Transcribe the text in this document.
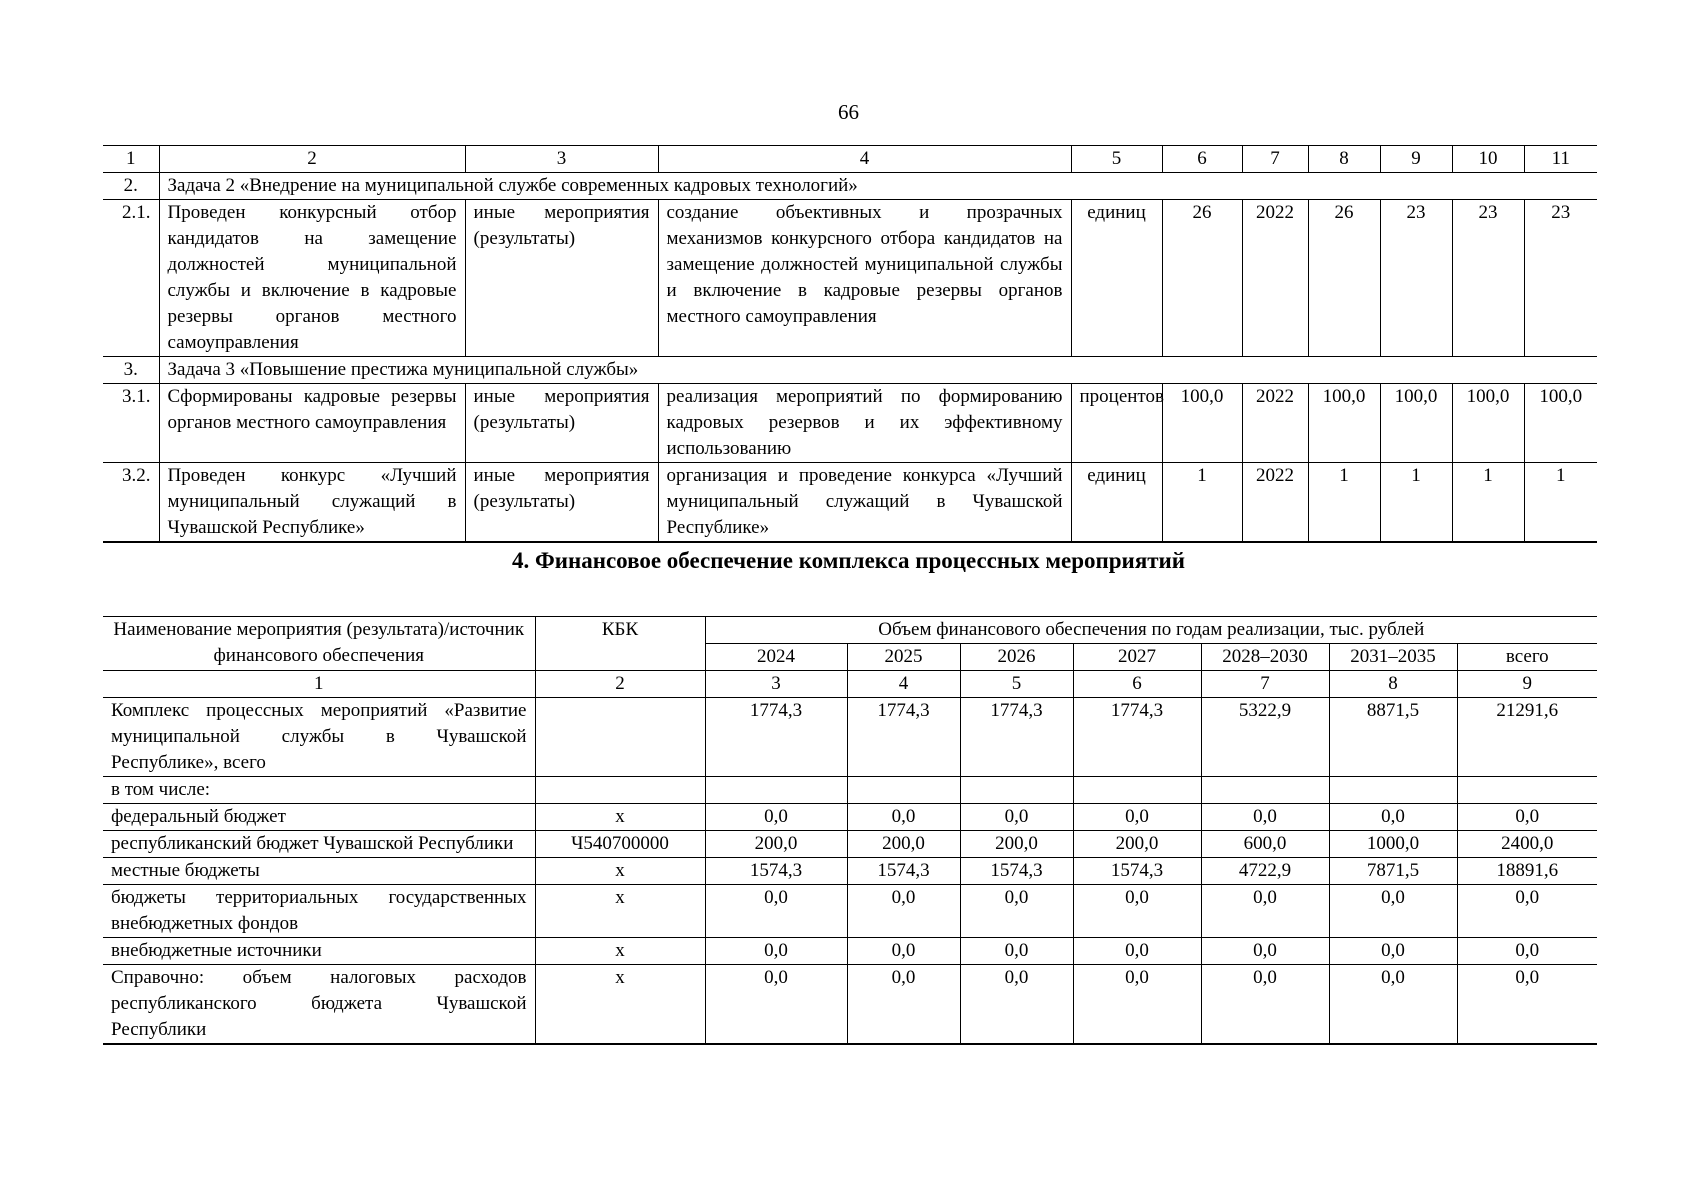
66
1	2	3	4	5	6	7	8	9	10	11
2.	Задача 2 «Внедрение на муниципальной службе современных кадровых технологий»									
2.1.	Проведен конкурсный отбор кандидатов на замещение должностей муниципальной службы и включение в кадровые резервы органов местного самоуправления	иные мероприятия (результаты)	создание объективных и прозрачных механизмов конкурсного отбора кандидатов на замещение должностей муниципальной службы и включение в кадровые резервы органов местного самоуправления	единиц	26	2022	26	23	23	23
3.	Задача 3 «Повышение престижа муниципальной службы»									
3.1.	Сформированы кадровые резервы органов местного самоуправления	иные мероприятия (результаты)	реализация мероприятий по формированию кадровых резервов и их эффективному использованию	процентов	100,0	2022	100,0	100,0	100,0	100,0
3.2.	Проведен конкурс «Лучший муниципальный служащий в Чувашской Республике»	иные мероприятия (результаты)	организация и проведение конкурса «Лучший муниципальный служащий в Чувашской Республике»	единиц	1	2022	1	1	1	1
4. Финансовое обеспечение комплекса процессных мероприятий
Наименование мероприятия (результата)/источник финансового обеспечения	КБК	Объем финансового обеспечения по годам реализации, тыс. рублей						
		2024	2025	2026	2027	2028–2030	2031–2035	всего
1	2	3	4	5	6	7	8	9
Комплекс процессных мероприятий «Развитие муниципальной службы в Чувашской Республике», всего		1774,3	1774,3	1774,3	1774,3	5322,9	8871,5	21291,6
в том числе:								
федеральный бюджет	x	0,0	0,0	0,0	0,0	0,0	0,0	0,0
республиканский бюджет Чувашской Республики	Ч540700000	200,0	200,0	200,0	200,0	600,0	1000,0	2400,0
местные бюджеты	x	1574,3	1574,3	1574,3	1574,3	4722,9	7871,5	18891,6
бюджеты территориальных государственных внебюджетных фондов	x	0,0	0,0	0,0	0,0	0,0	0,0	0,0
внебюджетные источники	x	0,0	0,0	0,0	0,0	0,0	0,0	0,0
Справочно: объем налоговых расходов республиканского бюджета Чувашской Республики	x	0,0	0,0	0,0	0,0	0,0	0,0	0,0
